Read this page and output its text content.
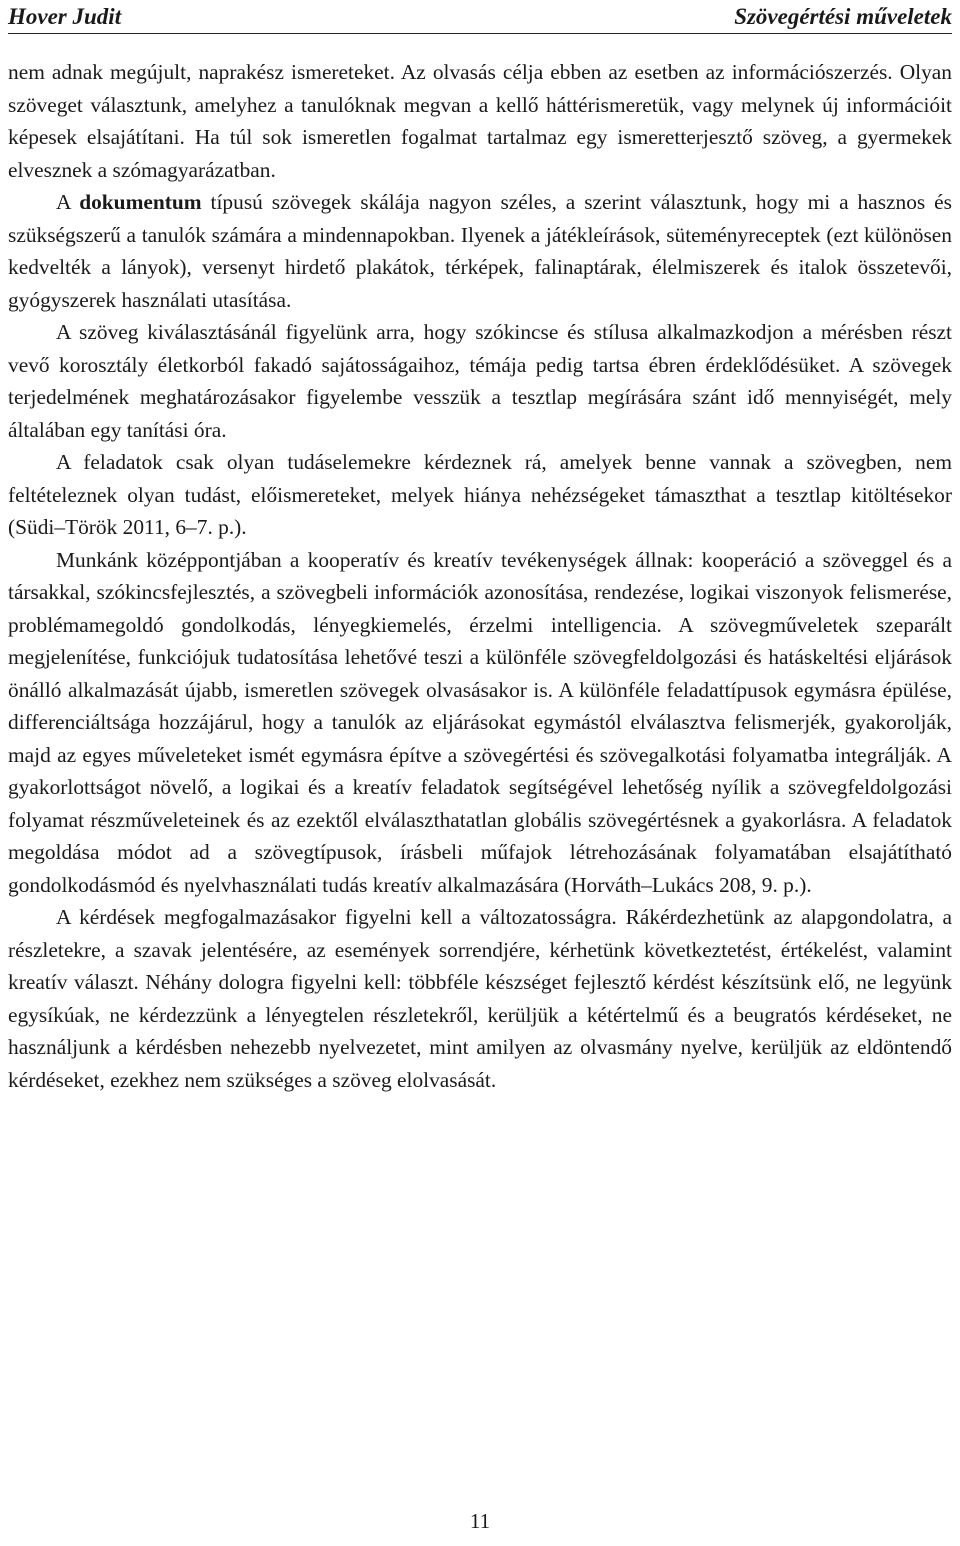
Hover Judit	Szövegértési műveletek

nem adnak megújult, naprakész ismereteket. Az olvasás célja ebben az esetben az információszerzés. Olyan szöveget választunk, amelyhez a tanulóknak megvan a kellő háttérismeretük, vagy melynek új információit képesek elsajátítani. Ha túl sok ismeretlen fogalmat tartalmaz egy ismeretterjesztő szöveg, a gyermekek elvesznek a szómagyarázatban.

A dokumentum típusú szövegek skálája nagyon széles, a szerint választunk, hogy mi a hasznos és szükségszerű a tanulók számára a mindennapokban. Ilyenek a játékleírások, süteményreceptek (ezt különösen kedvelték a lányok), versenyt hirdető plakátok, térképek, falinaptárak, élelmiszerek és italok összetevői, gyógyszerek használati utasítása.

A szöveg kiválasztásánál figyelünk arra, hogy szókincse és stílusa alkalmazkodjon a mérésben részt vevő korosztály életkorból fakadó sajátosságaihoz, témája pedig tartsa ébren érdeklődésüket. A szövegek terjedelmének meghatározásakor figyelembe vesszük a tesztlap megírására szánt idő mennyiségét, mely általában egy tanítási óra.

A feladatok csak olyan tudáselemekre kérdeznek rá, amelyek benne vannak a szövegben, nem feltételeznek olyan tudást, előismereteket, melyek hiánya nehézségeket támaszthat a tesztlap kitöltésekor (Südi–Török 2011, 6–7. p.).

Munkánk középpontjában a kooperatív és kreatív tevékenységek állnak: kooperáció a szöveggel és a társakkal, szókincsfejlesztés, a szövegbeli információk azonosítása, rendezése, logikai viszonyok felismerése, problémamegoldó gondolkodás, lényegkiemelés, érzelmi intelligencia. A szövegműveletek szeparált megjelenítése, funkciójuk tudatosítása lehetővé teszi a különféle szövegfeldolgozási és hatáskeltési eljárások önálló alkalmazását újabb, ismeretlen szövegek olvasásakor is. A különféle feladattípusok egymásra épülése, differenciáltsága hozzájárul, hogy a tanulók az eljárásokat egymástól elválasztva felismerjék, gyakorolják, majd az egyes műveleteket ismét egymásra építve a szövegértési és szövegalkotási folyamatba integrálják. A gyakorlottságot növelő, a logikai és a kreatív feladatok segítségével lehetőség nyílik a szövegfeldolgozási folyamat részműveleteinek és az ezektől elválaszthatatlan globális szövegértésnek a gyakorlásra. A feladatok megoldása módot ad a szövegtípusok, írásbeli műfajok létrehozásának folyamatában elsajátítható gondolkodásmód és nyelvhasználati tudás kreatív alkalmazására (Horváth–Lukács 208, 9. p.).

A kérdések megfogalmazásakor figyelni kell a változatosságra. Rákérdezhetünk az alapgondolatra, a részletekre, a szavak jelentésére, az események sorrendjére, kérhetünk következtetést, értékelést, valamint kreatív választ. Néhány dologra figyelni kell: többféle készséget fejlesztő kérdést készítsünk elő, ne legyünk egysíkúak, ne kérdezzünk a lényegtelen részletekről, kerüljük a kétértelmű és a beugratós kérdéseket, ne használjunk a kérdésben nehezebb nyelvezetet, mint amilyen az olvasmány nyelve, kerüljük az eldöntendő kérdéseket, ezekhez nem szükséges a szöveg elolvasását.

11
